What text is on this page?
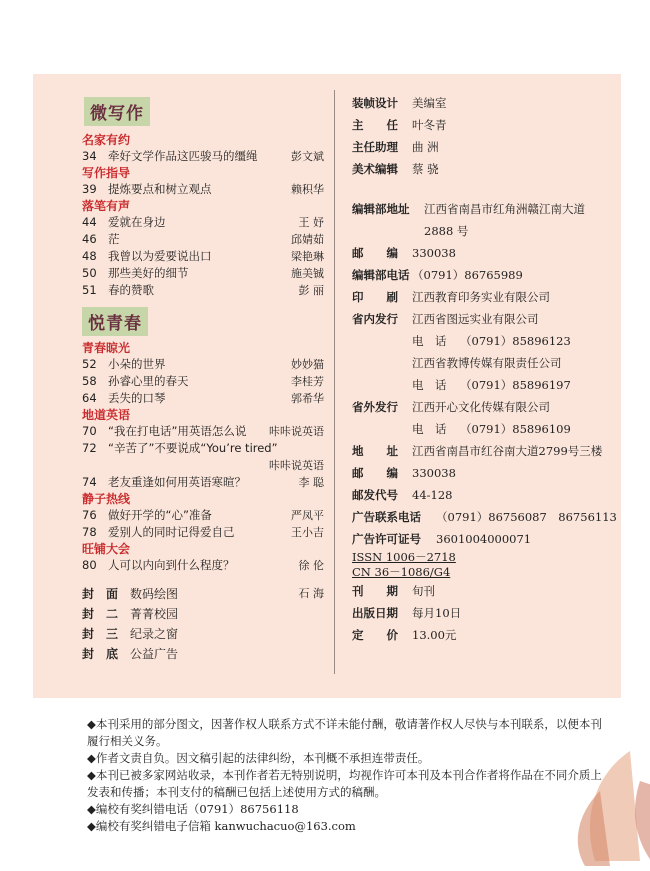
微写作
名家有约
34 牵好文学作品这匹骏马的缰绳	彭文斌
写作指导
39 提炼要点和树立观点	赖积华
落笔有声
44 爱就在身边	王 妤
46 茫	邱婧茹
48 我曾以为爱要说出口	梁艳琳
50 那些美好的细节	施美铖
51 春的赞歌	彭 丽
悦青春
青春晾光
52 小朵的世界	妙妙猫
58 孙睿心里的春天	李桂芳
64 丢失的口琴	郭希华
地道英语
70 “我在打电话”用英语怎么说 咔咔说英语
72 “辛苦了”不要说成“You’re tired”
咔咔说英语
74 老友重逢如何用英语寒暄？	李 聪
静子热线
76 做好开学的“心”准备	严凤平
78 爱别人的同时记得爱自己	王小吉
旺铺大会
80 人可以内向到什么程度？	徐 伦
封　面 数码绘图	石 海
封　二 菁菁校园
封　三 纪录之窗
封　底 公益广告
装帧设计 美编室
主　　任 叶冬青
主任助理 曲 洲
美术编辑 蔡 骁
编辑部地址 江西省南昌市红角洲赣江南大道
2888 号
邮　　编 330038
编辑部电话 （0791）86765989
印　　刷 江西教育印务实业有限公司
省内发行 江西省图远实业有限公司
电　话 （0791）85896123
江西省教博传媒有限责任公司
电　话 （0791）85896197
省外发行 江西开心文化传媒有限公司
电　话 （0791）85896109
地　　址 江西省南昌市红谷南大道2799号三楼
邮　　编 330038
邮发代号 44-128
广告联系电话 （0791）86756087　86756113
广告许可证号 3601004000071
ISSN 1006－2718
CN 36－1086/G4
刊　　期 旬刊
出版日期 每月10日
定　　价 13.00元

◆本刊采用的部分图文，因著作权人联系方式不详未能付酬，敬请著作权人尽快与本刊联系，以便本刊履行相关义务。

◆作者文责自负。因文稿引起的法律纠纷，本刊概不承担连带责任。

◆本刊已被多家网站收录，本刊作者若无特别说明，均视作许可本刊及本刊合作者将作品在不同介质上发表和传播；本刊支付的稿酬已包括上述使用方式的稿酬。

◆编校有奖纠错电话（0791）86756118

◆编校有奖纠错电子信箱 kanwuchacuo@163.com
